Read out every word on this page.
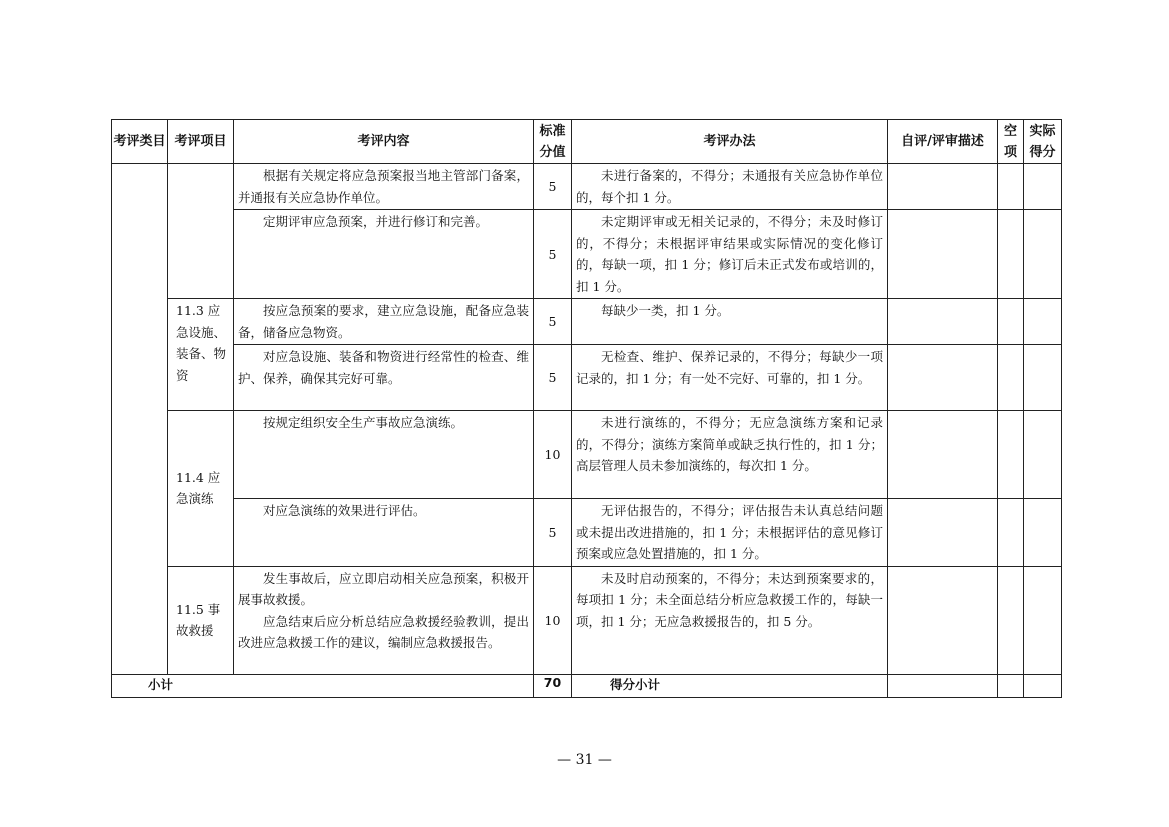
考评类目	考评项目	考评内容	标准分值	考评办法	自评/评审描述	空项	实际得分

		根据有关规定将应急预案报当地主管部门备案，并通报有关应急协作单位。	5	未进行备案的，不得分；未通报有关应急协作单位的，每个扣 1 分。			

		定期评审应急预案，并进行修订和完善。	5	未定期评审或无相关记录的，不得分；未及时修订的，不得分；未根据评审结果或实际情况的变化修订的，每缺一项，扣 1 分；修订后未正式发布或培训的，扣 1 分。			

	11.3 应急设施、装备、物资	按应急预案的要求，建立应急设施，配备应急装备，储备应急物资。	5	每缺少一类，扣 1 分。			

		对应急设施、装备和物资进行经常性的检查、维护、保养，确保其完好可靠。	5	无检查、维护、保养记录的，不得分；每缺少一项记录的，扣 1 分；有一处不完好、可靠的，扣 1 分。			

	11.4 应急演练	按规定组织安全生产事故应急演练。	10	未进行演练的，不得分；无应急演练方案和记录的，不得分；演练方案简单或缺乏执行性的，扣 1 分；高层管理人员未参加演练的，每次扣 1 分。			

		对应急演练的效果进行评估。	5	无评估报告的，不得分；评估报告未认真总结问题或未提出改进措施的，扣 1 分；未根据评估的意见修订预案或应急处置措施的，扣 1 分。			

	11.5 事故救援	发生事故后，应立即启动相关应急预案，积极开展事故救援。
应急结束后应分析总结应急救援经验教训，提出改进应急救援工作的建议，编制应急救援报告。	10	未及时启动预案的，不得分；未达到预案要求的，每项扣 1 分；未全面总结分析应急救援工作的，每缺一项，扣 1 分；无应急救援报告的，扣 5 分。			

小计			70	得分小计			
— 31 —
